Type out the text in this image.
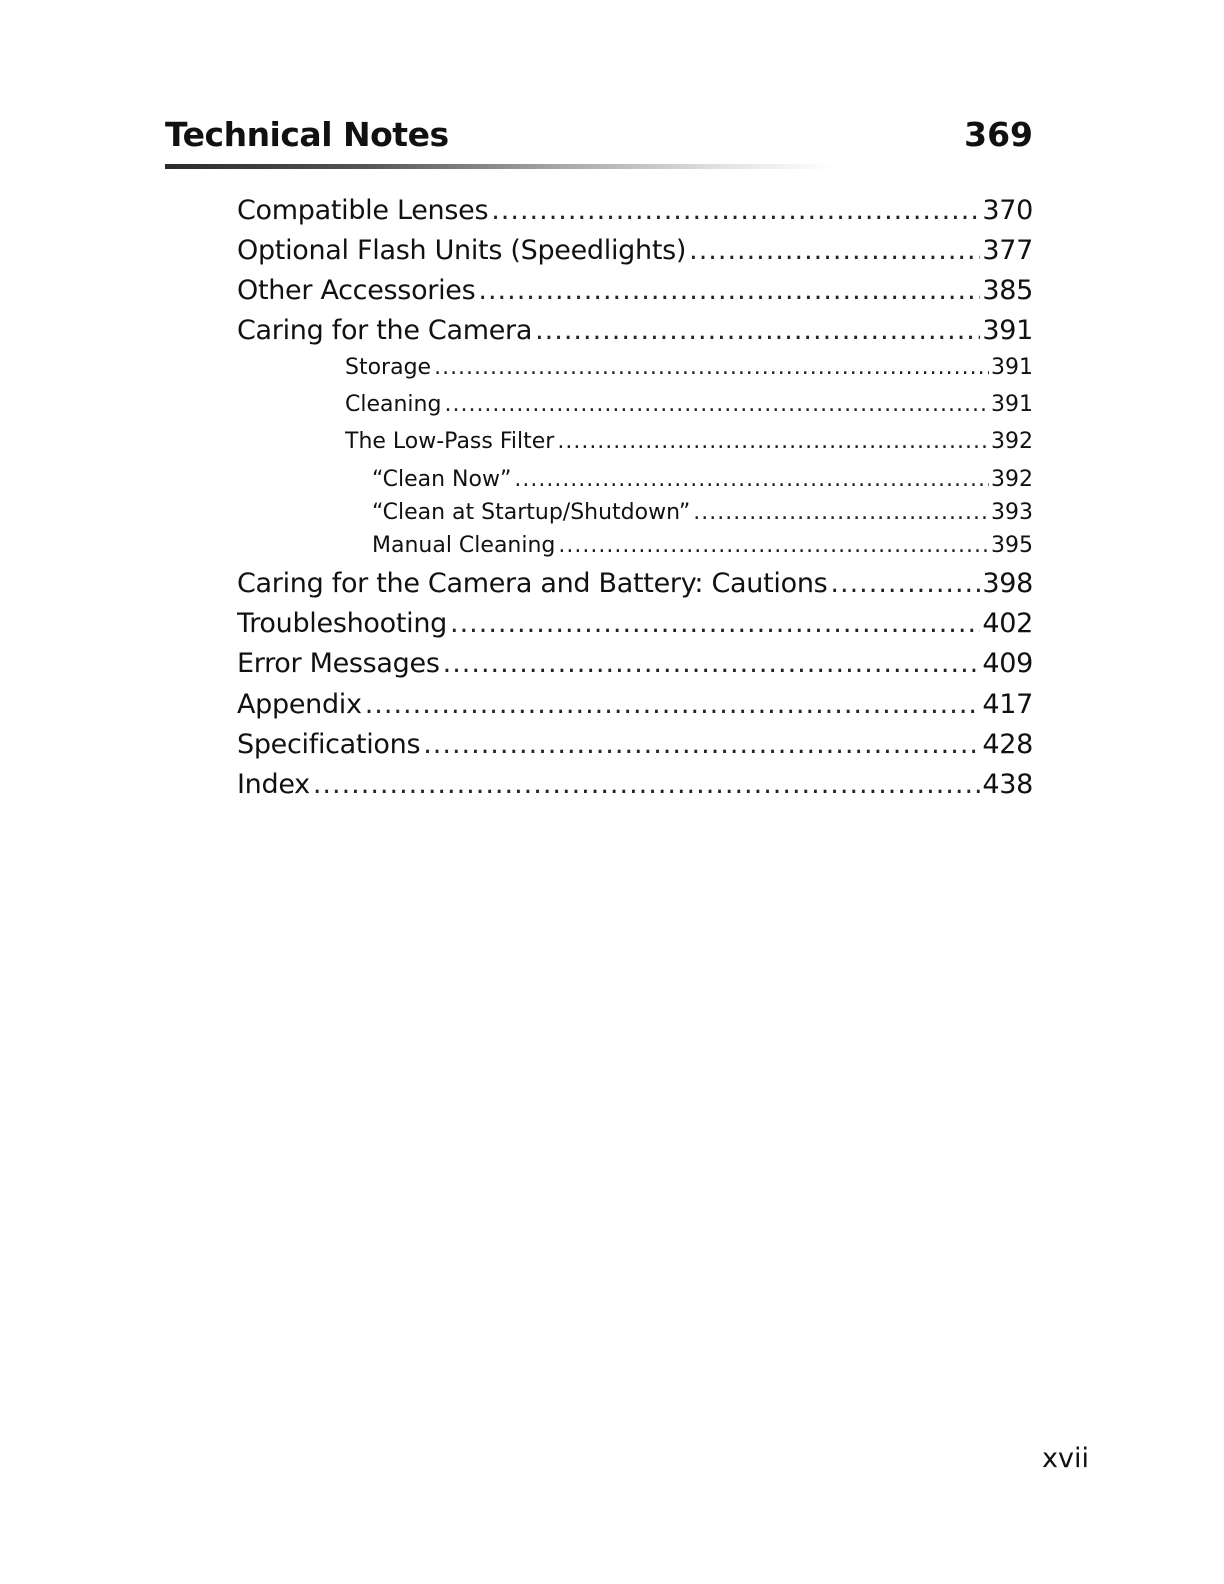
Technical Notes	369
Compatible Lenses .....	370
Optional Flash Units (Speedlights) .....	377
Other Accessories .....	385
Caring for the Camera .....	391
Storage .....	391
Cleaning .....	391
The Low-Pass Filter .....	392
“Clean Now” .....	392
“Clean at Startup/Shutdown” .....	393
Manual Cleaning .....	395
Caring for the Camera and Battery: Cautions .....	398
Troubleshooting .....	402
Error Messages .....	409
Appendix .....	417
Specifications .....	428
Index .....	438
xvii
